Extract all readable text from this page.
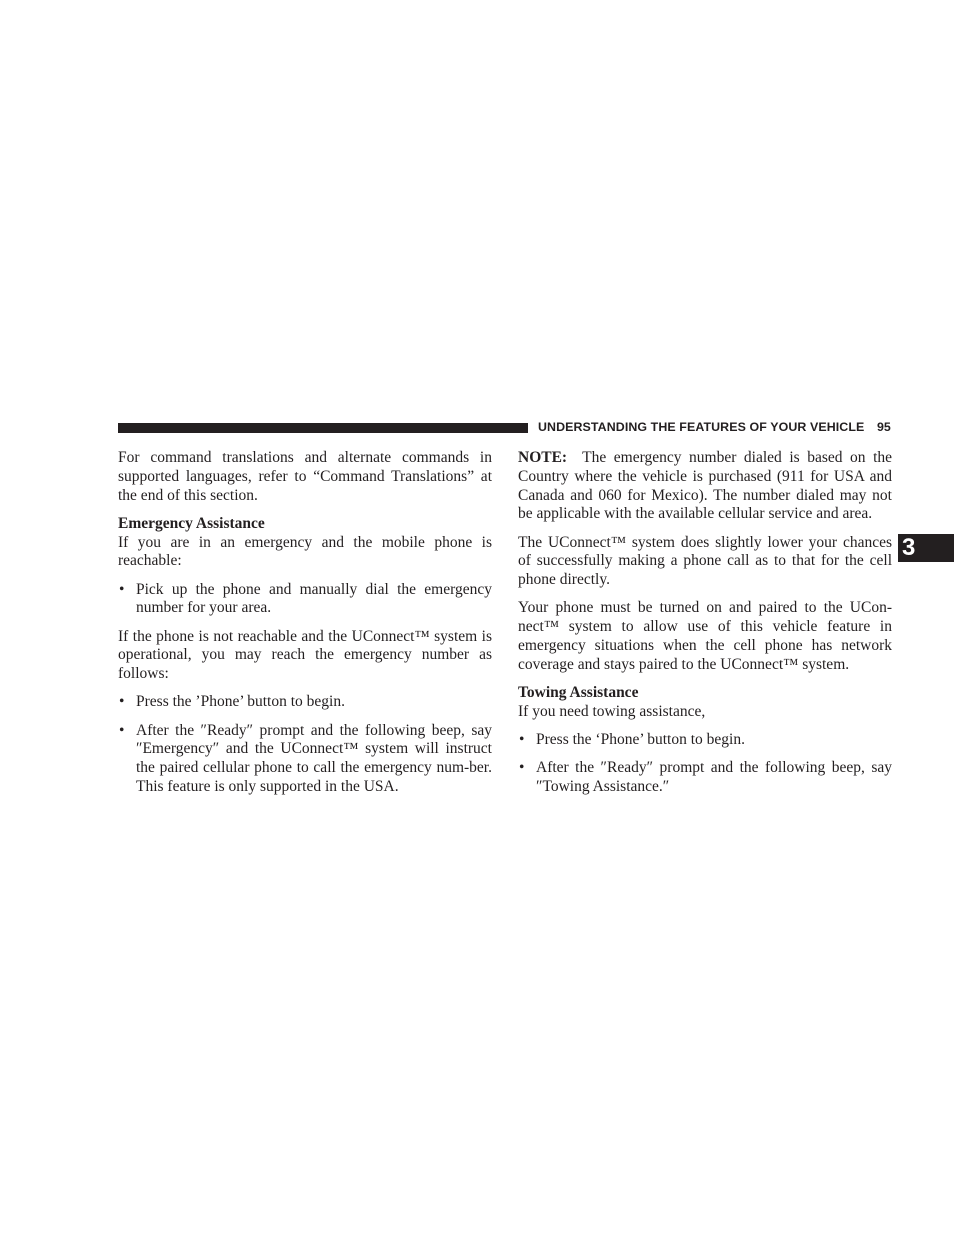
UNDERSTANDING THE FEATURES OF YOUR VEHICLE 95
3

For command translations and alternate commands in supported languages, refer to “Command Translations” at the end of this section.

Emergency Assistance

If you are in an emergency and the mobile phone is reachable:

• Pick up the phone and manually dial the emergency number for your area.

If the phone is not reachable and the UConnect™ system is operational, you may reach the emergency number as follows:

• Press the ’Phone’ button to begin.
• After the ″Ready″ prompt and the following beep, say ″Emergency″ and the UConnect™ system will instruct the paired cellular phone to call the emergency num-ber. This feature is only supported in the USA.

NOTE: The emergency number dialed is based on the Country where the vehicle is purchased (911 for USA and Canada and 060 for Mexico). The number dialed may not be applicable with the available cellular service and area.

The UConnect™ system does slightly lower your chances of successfully making a phone call as to that for the cell phone directly.

Your phone must be turned on and paired to the UCon-nect™ system to allow use of this vehicle feature in emergency situations when the cell phone has network coverage and stays paired to the UConnect™ system.

Towing Assistance

If you need towing assistance,

• Press the ‘Phone’ button to begin.
• After the ″Ready″ prompt and the following beep, say ″Towing Assistance.″
